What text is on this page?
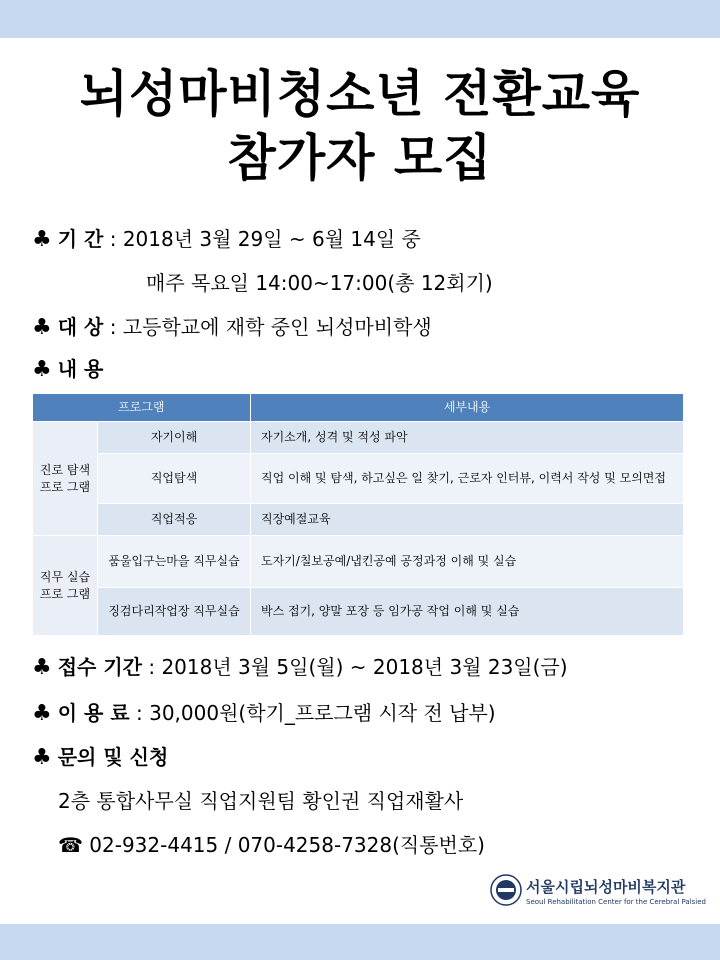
뇌성마비청소년 전환교육
참가자 모집
♣ 기 간 : 2018년 3월 29일 ~ 6월 14일 중
매주 목요일 14:00~17:00(총 12회기)
♣ 대 상 : 고등학교에 재학 중인 뇌성마비학생
♣ 내 용
프로그램		세부내용
진로 탐색 프로 그램	자기이해	자기소개, 성격 및 적성 파악
	직업탐색	직업 이해 및 탐색, 하고싶은 일 찾기, 근로자 인터뷰, 이력서 작성 및 모의면접
	직업적응	직장예절교육
직무 실습 프로 그램	품울입구는마을 직무실습	도자기/칠보공예/냅킨공예 공정과정 이해 및 실습
	징검다리작업장 직무실습	박스 접기, 양말 포장 등 임가공 작업 이해 및 실습
♣ 접수 기간 : 2018년 3월 5일(월) ~ 2018년 3월 23일(금)
♣ 이 용 료 : 30,000원(학기_프로그램 시작 전 납부)
♣ 문의 및 신청
2층 통합사무실 직업지원팀 황인권 직업재활사
☎ 02-932-4415 / 070-4258-7328(직통번호)
서울시립뇌성마비복지관
Seoul Rehabilitation Center for the Cerebral Palsied
